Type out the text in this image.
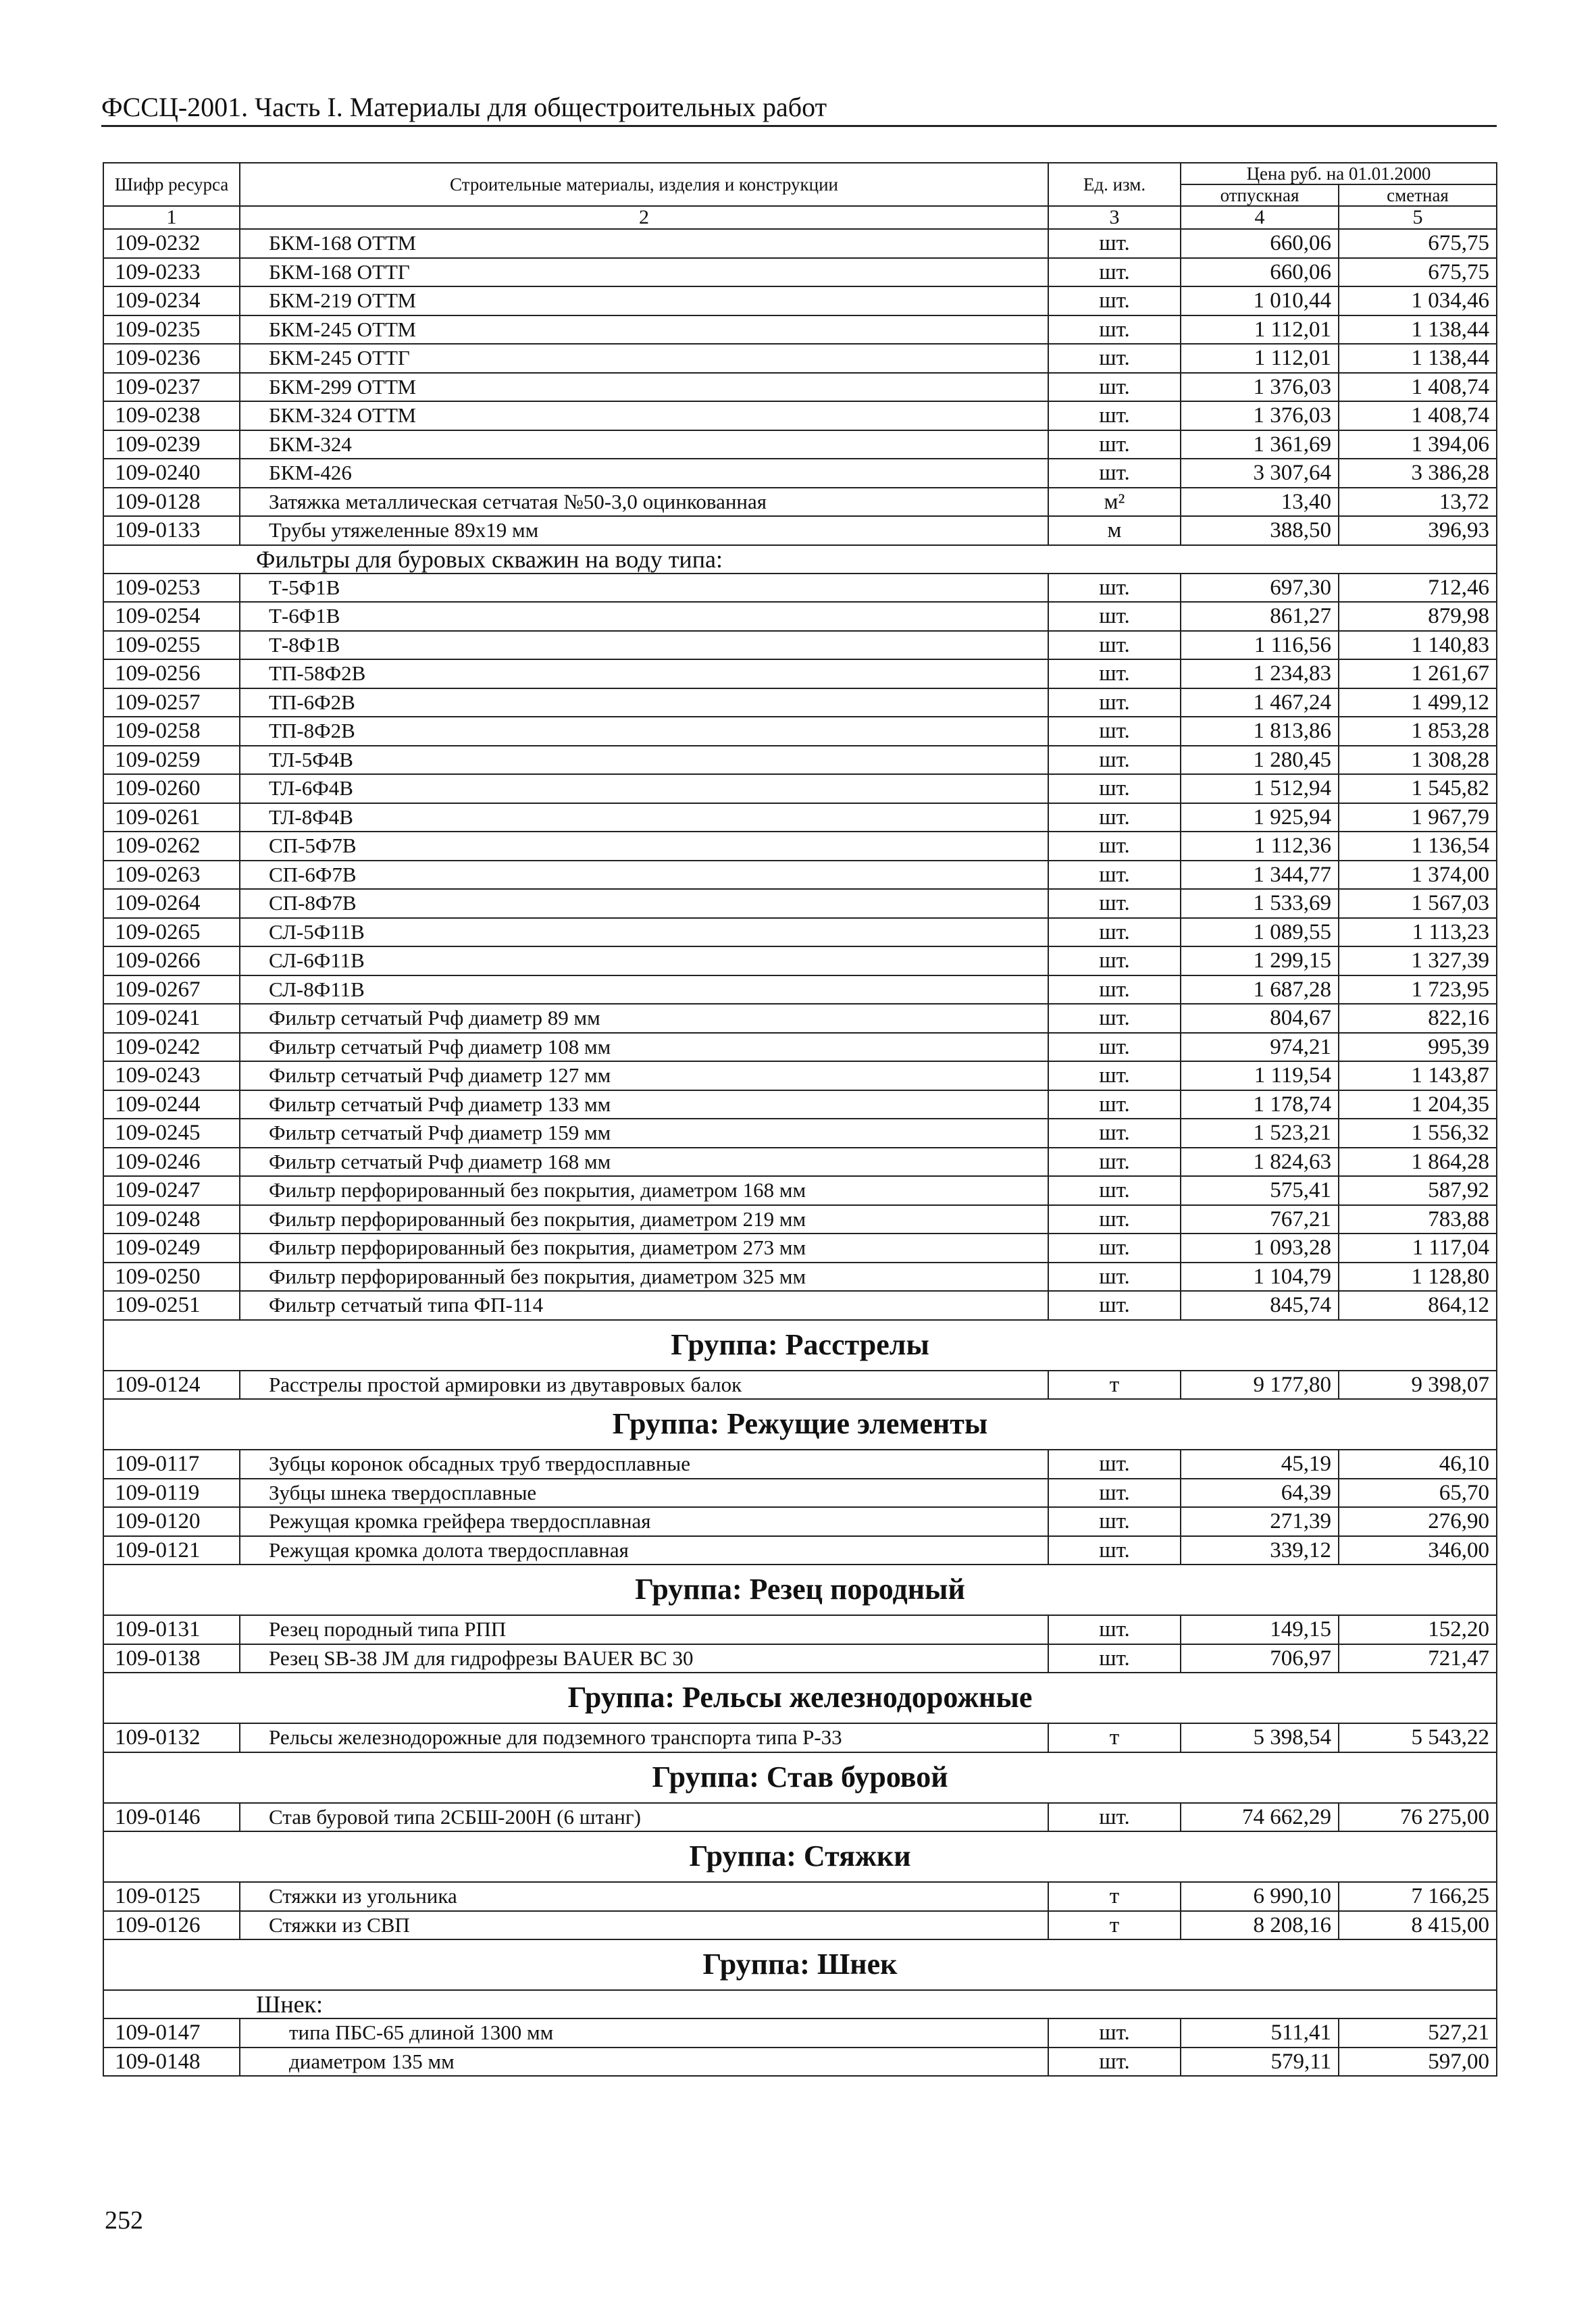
ФССЦ-2001. Часть I. Материалы для общестроительных работ
Шифр ресурса	Строительные материалы, изделия и конструкции	Ед. изм.	Цена руб. на 01.01.2000	
			отпускная	сметная
1	2	3	4	5
109-0232	БКМ-168 ОТТМ	шт.	660,06	675,75
109-0233	БКМ-168 ОТТГ	шт.	660,06	675,75
109-0234	БКМ-219 ОТТМ	шт.	1 010,44	1 034,46
109-0235	БКМ-245 ОТТМ	шт.	1 112,01	1 138,44
109-0236	БКМ-245 ОТТГ	шт.	1 112,01	1 138,44
109-0237	БКМ-299 ОТТМ	шт.	1 376,03	1 408,74
109-0238	БКМ-324 ОТТМ	шт.	1 376,03	1 408,74
109-0239	БКМ-324	шт.	1 361,69	1 394,06
109-0240	БКМ-426	шт.	3 307,64	3 386,28
109-0128	Затяжка металлическая сетчатая №50-3,0 оцинкованная	м²	13,40	13,72
109-0133	Трубы утяжеленные 89х19 мм	м	388,50	396,93
Фильтры для буровых скважин на воду типа:				
109-0253	Т-5Ф1В	шт.	697,30	712,46
109-0254	Т-6Ф1В	шт.	861,27	879,98
109-0255	Т-8Ф1В	шт.	1 116,56	1 140,83
109-0256	ТП-58Ф2В	шт.	1 234,83	1 261,67
109-0257	ТП-6Ф2В	шт.	1 467,24	1 499,12
109-0258	ТП-8Ф2В	шт.	1 813,86	1 853,28
109-0259	ТЛ-5Ф4В	шт.	1 280,45	1 308,28
109-0260	ТЛ-6Ф4В	шт.	1 512,94	1 545,82
109-0261	ТЛ-8Ф4В	шт.	1 925,94	1 967,79
109-0262	СП-5Ф7В	шт.	1 112,36	1 136,54
109-0263	СП-6Ф7В	шт.	1 344,77	1 374,00
109-0264	СП-8Ф7В	шт.	1 533,69	1 567,03
109-0265	СЛ-5Ф11В	шт.	1 089,55	1 113,23
109-0266	СЛ-6Ф11В	шт.	1 299,15	1 327,39
109-0267	СЛ-8Ф11В	шт.	1 687,28	1 723,95
109-0241	Фильтр сетчатый Рчф диаметр 89 мм	шт.	804,67	822,16
109-0242	Фильтр сетчатый Рчф диаметр 108 мм	шт.	974,21	995,39
109-0243	Фильтр сетчатый Рчф диаметр 127 мм	шт.	1 119,54	1 143,87
109-0244	Фильтр сетчатый Рчф диаметр 133 мм	шт.	1 178,74	1 204,35
109-0245	Фильтр сетчатый Рчф диаметр 159 мм	шт.	1 523,21	1 556,32
109-0246	Фильтр сетчатый Рчф диаметр 168 мм	шт.	1 824,63	1 864,28
109-0247	Фильтр перфорированный без покрытия, диаметром 168 мм	шт.	575,41	587,92
109-0248	Фильтр перфорированный без покрытия, диаметром 219 мм	шт.	767,21	783,88
109-0249	Фильтр перфорированный без покрытия, диаметром 273 мм	шт.	1 093,28	1 117,04
109-0250	Фильтр перфорированный без покрытия, диаметром 325 мм	шт.	1 104,79	1 128,80
109-0251	Фильтр сетчатый типа ФП-114	шт.	845,74	864,12
Группа: Расстрелы				
109-0124	Расстрелы простой армировки из двутавровых балок	т	9 177,80	9 398,07
Группа: Режущие элементы				
109-0117	Зубцы коронок обсадных труб твердосплавные	шт.	45,19	46,10
109-0119	Зубцы шнека твердосплавные	шт.	64,39	65,70
109-0120	Режущая кромка грейфера твердосплавная	шт.	271,39	276,90
109-0121	Режущая кромка долота твердосплавная	шт.	339,12	346,00
Группа: Резец породный				
109-0131	Резец породный типа РПП	шт.	149,15	152,20
109-0138	Резец SB-38 JM для гидрофрезы BAUER BC 30	шт.	706,97	721,47
Группа: Рельсы железнодорожные				
109-0132	Рельсы железнодорожные для подземного транспорта типа Р-33	т	5 398,54	5 543,22
Группа: Став буровой				
109-0146	Став буровой типа 2СБШ-200Н (6 штанг)	шт.	74 662,29	76 275,00
Группа: Стяжки				
109-0125	Стяжки из угольника	т	6 990,10	7 166,25
109-0126	Стяжки из СВП	т	8 208,16	8 415,00
Группа: Шнек				
Шнек:				
109-0147	типа ПБС-65 длиной 1300 мм	шт.	511,41	527,21
109-0148	диаметром 135 мм	шт.	579,11	597,00
252
